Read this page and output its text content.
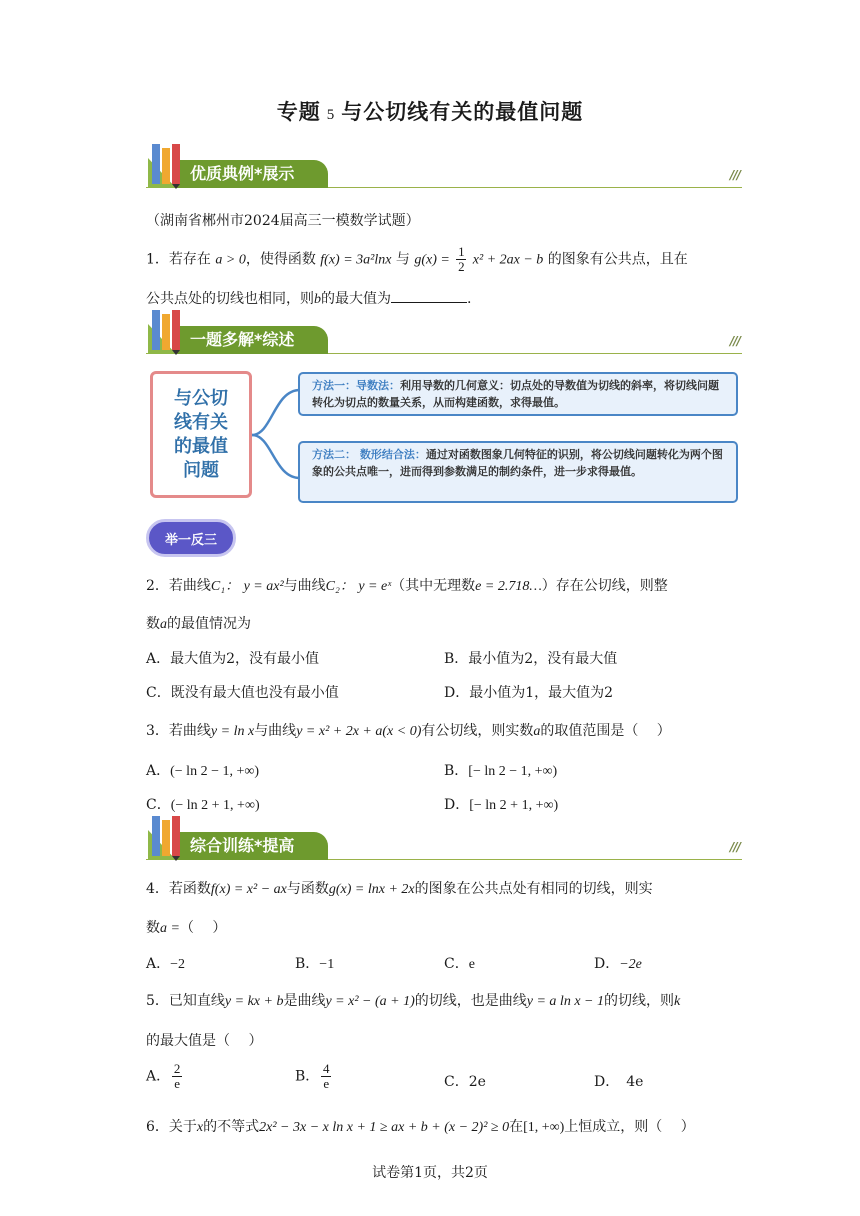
专题 5 与公切线有关的最值问题
优质典例*展示	///
（湖南省郴州市2024届高三一模数学试题）
1．若存在 a > 0，使得函数 f(x) = 3a²lnx 与 $g(x) = \frac{1}{2} x^2 + 2ax - b$ 的图象有公共点，且在
公共点处的切线也相同，则b的最大值为	.
一题多解*综述	///
与公切线有关的最值问题
方法一：导数法：利用导数的几何意义：切点处的导数值为切线的斜率，将切线问题转化为切点的数量关系，从而构建函数，求得最值。
方法二： 数形结合法：通过对函数图象几何特征的识别，将公切线问题转化为两个图象的公共点唯一，进而得到参数满足的制约条件，进一步求得最值。
举一反三
2．若曲线C₁： y = ax²与曲线C₂： y = eˣ（其中无理数e = 2.718…）存在公切线，则整
数a的最值情况为
A．最大值为2，没有最小值	B．最小值为2，没有最大值
C．既没有最大值也没有最小值	D．最小值为1，最大值为2
3．若曲线y = ln x与曲线y = x² + 2x + a(x < 0)有公切线，则实数a的取值范围是（　 ）
A．(− ln 2 − 1, +∞)	B．[− ln 2 − 1, +∞)
C．(− ln 2 + 1, +∞)	D．[− ln 2 + 1, +∞)
综合训练*提高	///
4．若函数f(x) = x² − ax与函数g(x) = lnx + 2x的图象在公共点处有相同的切线，则实
数a =（　 ）
A．−2	B．−1	C．e	D．−2e
5．已知直线y = kx + b是曲线y = x² − (a + 1)的切线，也是曲线y = a ln x − 1的切线，则k
的最大值是（　 ）
A． $\frac{2}{e}$	B． $\frac{4}{e}$	C．2e	D．　4e
6．关于x的不等式2x² − 3x − x ln x + 1 ≥ ax + b + (x − 2)² ≥ 0在[1, +∞)上恒成立，则（　 ）
试卷第1页，共2页
